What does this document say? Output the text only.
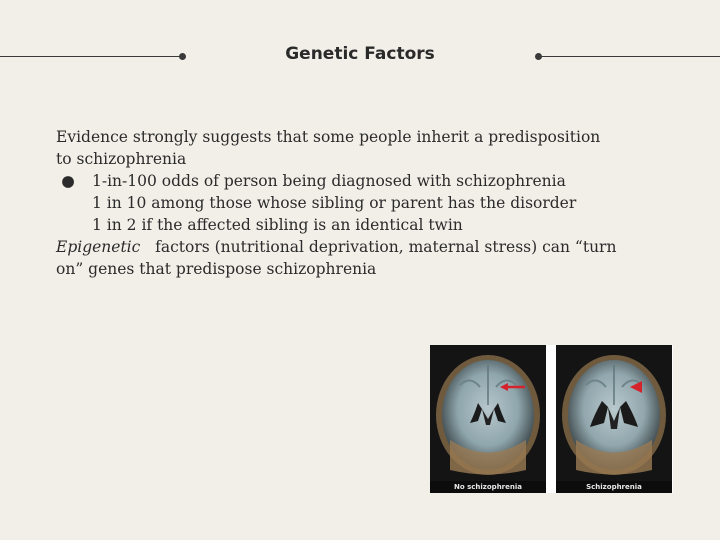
Genetic Factors

Evidence strongly suggests that some people inherit a predisposition

to schizophrenia

●	1-in-100 odds of person being diagnosed with schizophrenia

1 in 10 among those whose sibling or parent has the disorder

1 in 2 if the affected sibling is an identical twin

Epigenetic factors (nutritional deprivation, maternal stress) can “turn

on” genes that predispose schizophrenia

No schizophrenia	Schizophrenia
